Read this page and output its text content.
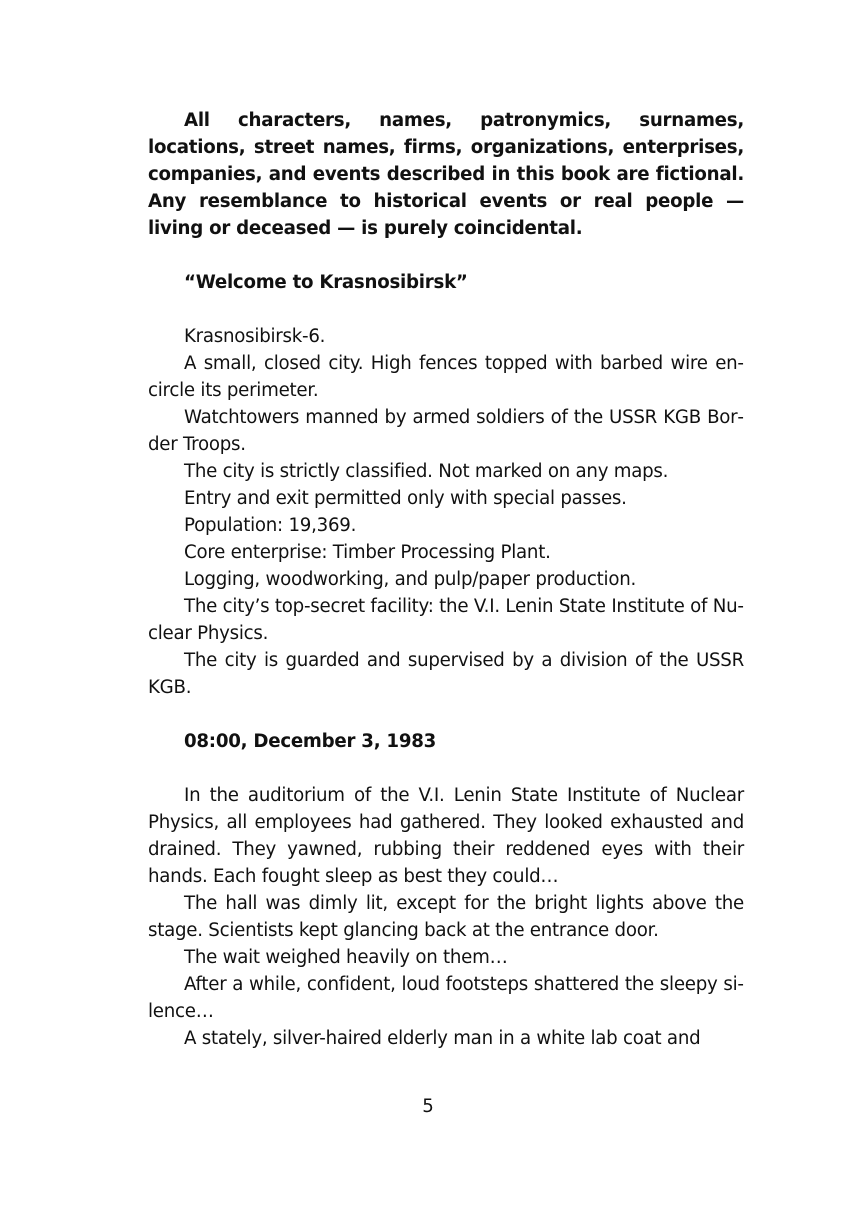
All characters, names, patronymics, surnames, locations, street names, firms, organizations, enterprises, companies, and events described in this book are fictional. Any resemblance to historical events or real people — living or deceased — is purely coincidental.

“Welcome to Krasnosibirsk”

Krasnosibirsk-6.

A small, closed city. High fences topped with barbed wire encircle its perimeter.

Watchtowers manned by armed soldiers of the USSR KGB Border Troops.

The city is strictly classified. Not marked on any maps.

Entry and exit permitted only with special passes.

Population: 19,369.

Core enterprise: Timber Processing Plant.

Logging, woodworking, and pulp/paper production.

The city’s top-secret facility: the V.I. Lenin State Institute of Nuclear Physics.

The city is guarded and supervised by a division of the USSR KGB.

08:00, December 3, 1983

In the auditorium of the V.I. Lenin State Institute of Nuclear Physics, all employees had gathered. They looked exhausted and drained. They yawned, rubbing their reddened eyes with their hands. Each fought sleep as best they could…

The hall was dimly lit, except for the bright lights above the stage. Scientists kept glancing back at the entrance door.

The wait weighed heavily on them…

After a while, confident, loud footsteps shattered the sleepy silence…

A stately, silver-haired elderly man in a white lab coat and

5
